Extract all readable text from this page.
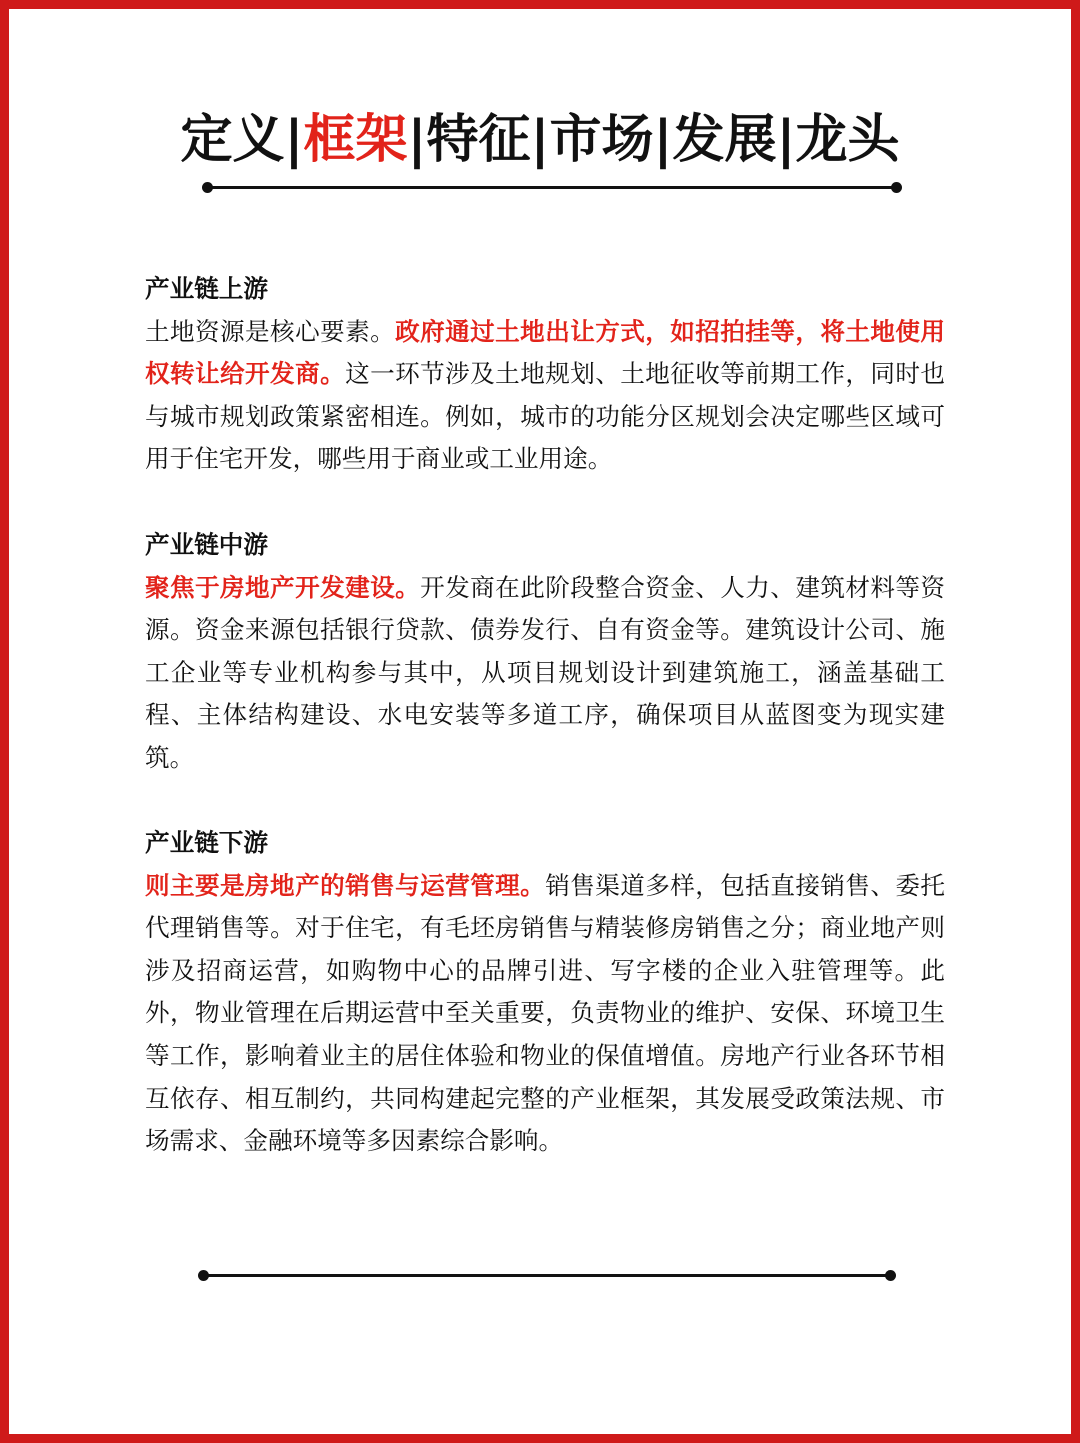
定义|框架|特征|市场|发展|龙头
产业链上游
土地资源是核心要素。政府通过土地出让方式，如招拍挂等，将土地使用权转让给开发商。这一环节涉及土地规划、土地征收等前期工作，同时也与城市规划政策紧密相连。例如，城市的功能分区规划会决定哪些区域可用于住宅开发，哪些用于商业或工业用途。
产业链中游
聚焦于房地产开发建设。开发商在此阶段整合资金、人力、建筑材料等资源。资金来源包括银行贷款、债券发行、自有资金等。建筑设计公司、施工企业等专业机构参与其中，从项目规划设计到建筑施工，涵盖基础工程、主体结构建设、水电安装等多道工序，确保项目从蓝图变为现实建筑。
产业链下游
则主要是房地产的销售与运营管理。销售渠道多样，包括直接销售、委托代理销售等。对于住宅，有毛坯房销售与精装修房销售之分；商业地产则涉及招商运营，如购物中心的品牌引进、写字楼的企业入驻管理等。此外，物业管理在后期运营中至关重要，负责物业的维护、安保、环境卫生等工作，影响着业主的居住体验和物业的保值增值。房地产行业各环节相互依存、相互制约，共同构建起完整的产业框架，其发展受政策法规、市场需求、金融环境等多因素综合影响。
